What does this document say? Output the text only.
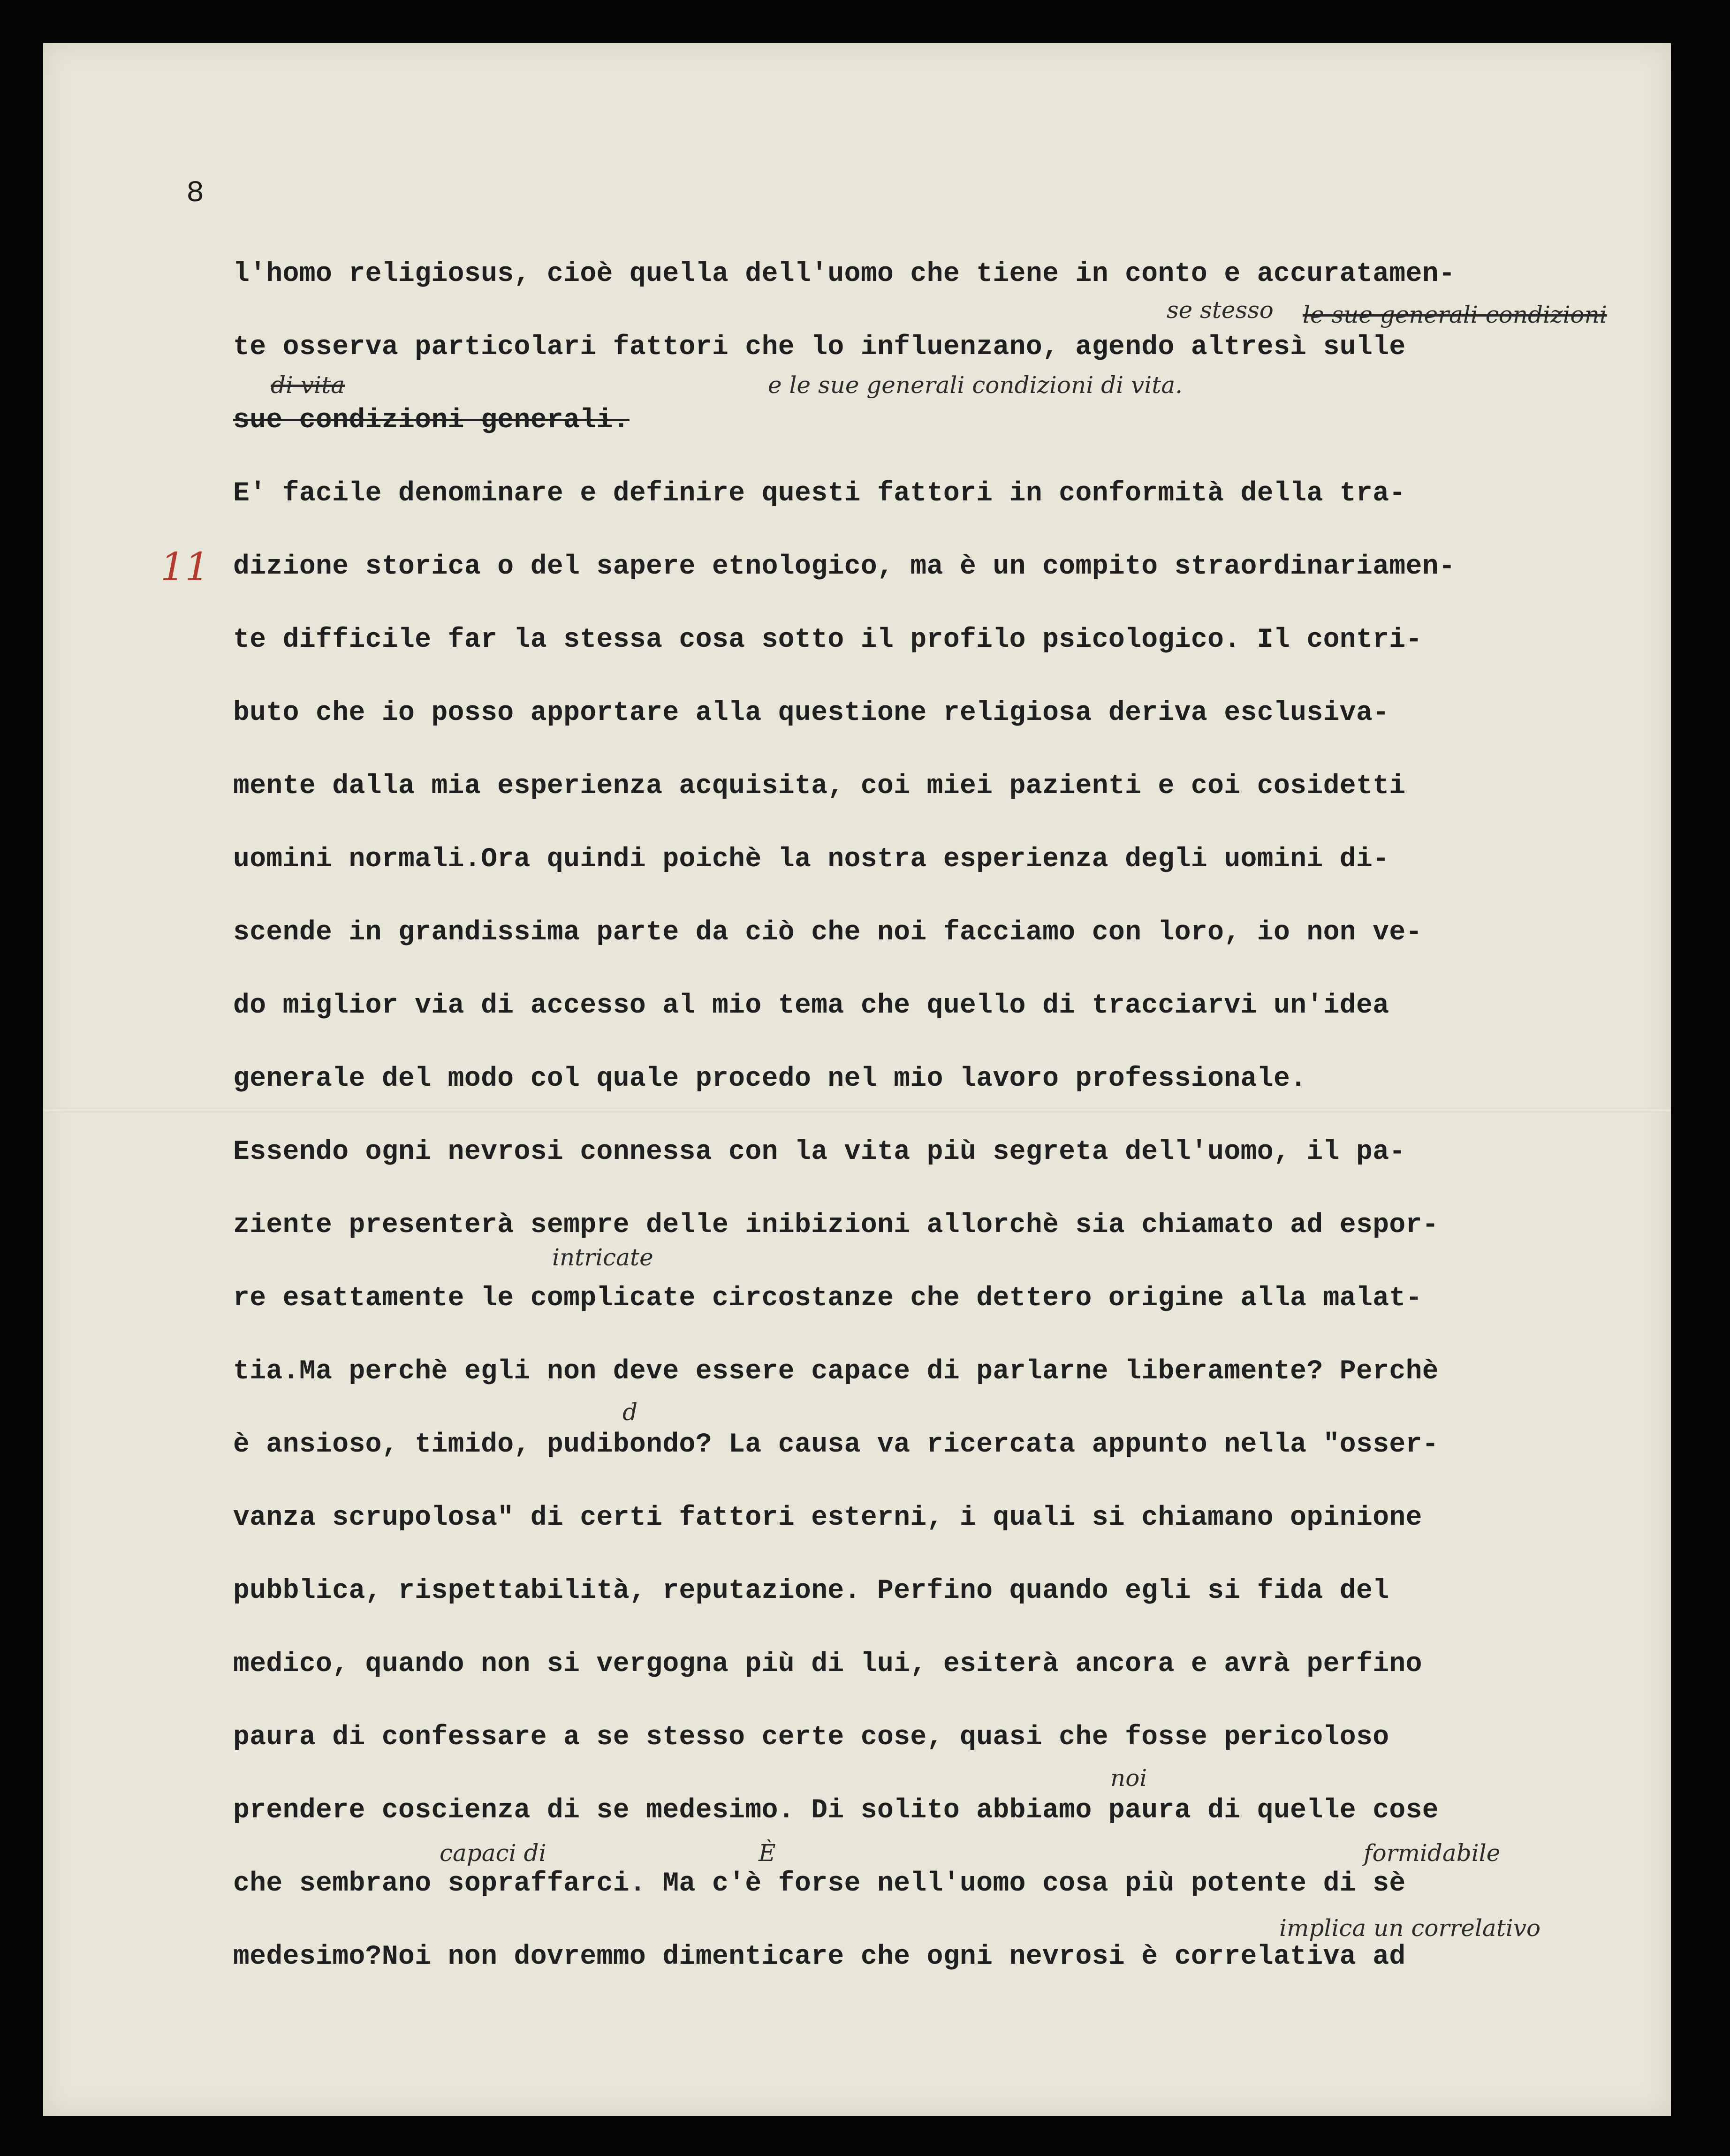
8
11
l'homo religiosus, cioè quella dell'uomo che tiene in conto e accuratamen-
te osserva particolari fattori che lo influenzano, agendo altresì sulle
sue condizioni generali.
E' facile denominare e definire questi fattori in conformità della tra-
dizione storica o del sapere etnologico, ma è un compito straordinariamen-
te difficile far la stessa cosa sotto il profilo psicologico. Il contri-
buto che io posso apportare alla questione religiosa deriva esclusiva-
mente dalla mia esperienza acquisita, coi miei pazienti e coi cosidetti
uomini normali.Ora quindi poichè la nostra esperienza degli uomini di-
scende in grandissima parte da ciò che noi facciamo con loro, io non ve-
do miglior via di accesso al mio tema che quello di tracciarvi un'idea
generale del modo col quale procedo nel mio lavoro professionale.
Essendo ogni nevrosi connessa con la vita più segreta dell'uomo, il pa-
ziente presenterà sempre delle inibizioni allorchè sia chiamato ad espor-
re esattamente le complicate circostanze che dettero origine alla malat-
tia.Ma perchè egli non deve essere capace di parlarne liberamente? Perchè
è ansioso, timido, pudibondo? La causa va ricercata appunto nella "osser-
vanza scrupolosa" di certi fattori esterni, i quali si chiamano opinione
pubblica, rispettabilità, reputazione. Perfino quando egli si fida del
medico, quando non si vergogna più di lui, esiterà ancora e avrà perfino
paura di confessare a se stesso certe cose, quasi che fosse pericoloso
prendere coscienza di se medesimo. Di solito abbiamo paura di quelle cose
che sembrano sopraffarci. Ma c'è forse nell'uomo cosa più potente di sè
medesimo?Noi non dovremmo dimenticare che ogni nevrosi è correlativa ad
se stesso le sue generali condizioni
di vita	e le sue generali condizioni di vita.
intricate
d
noi
capaci di	È	formidabile
implica un correlativo
